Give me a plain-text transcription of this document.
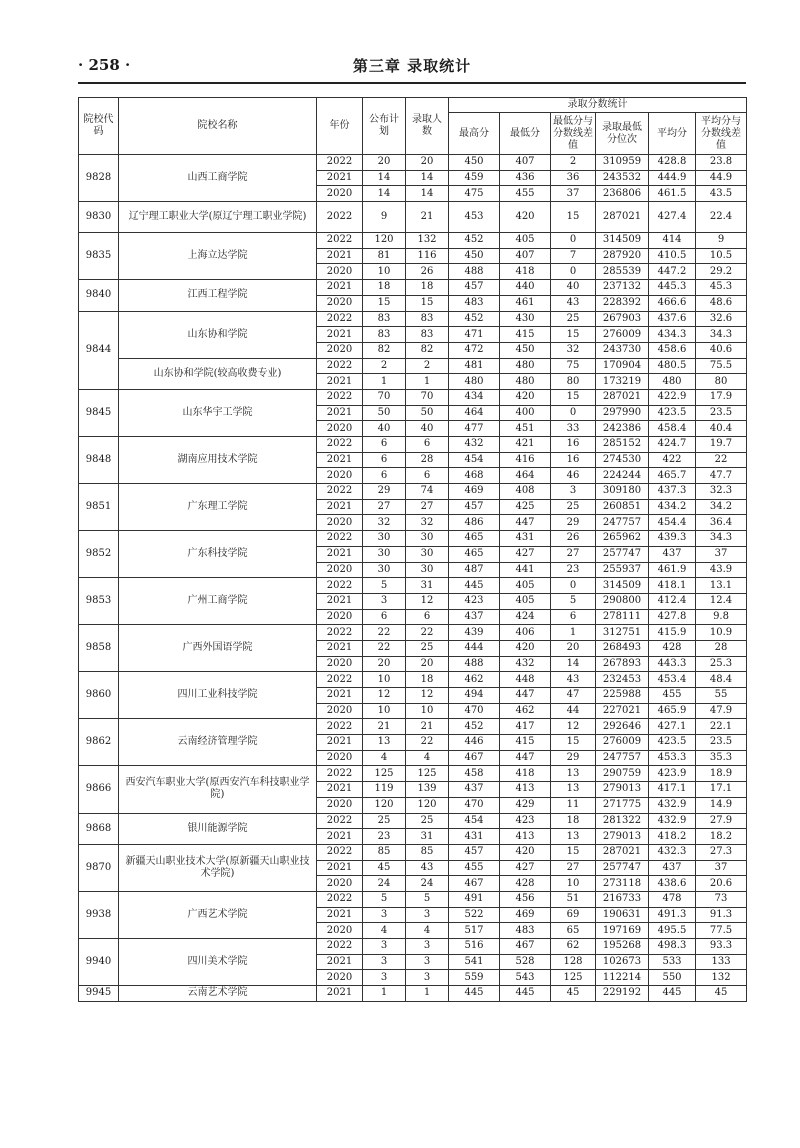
· 258 ·	第三章 录取统计
院校代码	院校名称	年份	公布计划	录取人数	录取分数统计					
					最高分	最低分	最低分与分数线差值	录取最低分位次	平均分	平均分与分数线差值
9828	山西工商学院	2022	20	20	450	407	2	310959	428.8	23.8
		2021	14	14	459	436	36	243532	444.9	44.9
		2020	14	14	475	455	37	236806	461.5	43.5
9830	辽宁理工职业大学(原辽宁理工职业学院)	2022	9	21	453	420	15	287021	427.4	22.4
9835	上海立达学院	2022	120	132	452	405	0	314509	414	9
		2021	81	116	450	407	7	287920	410.5	10.5
		2020	10	26	488	418	0	285539	447.2	29.2
9840	江西工程学院	2021	18	18	457	440	40	237132	445.3	45.3
		2020	15	15	483	461	43	228392	466.6	48.6
9844	山东协和学院	2022	83	83	452	430	25	267903	437.6	32.6
		2021	83	83	471	415	15	276009	434.3	34.3
		2020	82	82	472	450	32	243730	458.6	40.6
	山东协和学院(较高收费专业)	2022	2	2	481	480	75	170904	480.5	75.5
		2021	1	1	480	480	80	173219	480	80
9845	山东华宇工学院	2022	70	70	434	420	15	287021	422.9	17.9
		2021	50	50	464	400	0	297990	423.5	23.5
		2020	40	40	477	451	33	242386	458.4	40.4
9848	湖南应用技术学院	2022	6	6	432	421	16	285152	424.7	19.7
		2021	6	28	454	416	16	274530	422	22
		2020	6	6	468	464	46	224244	465.7	47.7
9851	广东理工学院	2022	29	74	469	408	3	309180	437.3	32.3
		2021	27	27	457	425	25	260851	434.2	34.2
		2020	32	32	486	447	29	247757	454.4	36.4
9852	广东科技学院	2022	30	30	465	431	26	265962	439.3	34.3
		2021	30	30	465	427	27	257747	437	37
		2020	30	30	487	441	23	255937	461.9	43.9
9853	广州工商学院	2022	5	31	445	405	0	314509	418.1	13.1
		2021	3	12	423	405	5	290800	412.4	12.4
		2020	6	6	437	424	6	278111	427.8	9.8
9858	广西外国语学院	2022	22	22	439	406	1	312751	415.9	10.9
		2021	22	25	444	420	20	268493	428	28
		2020	20	20	488	432	14	267893	443.3	25.3
9860	四川工业科技学院	2022	10	18	462	448	43	232453	453.4	48.4
		2021	12	12	494	447	47	225988	455	55
		2020	10	10	470	462	44	227021	465.9	47.9
9862	云南经济管理学院	2022	21	21	452	417	12	292646	427.1	22.1
		2021	13	22	446	415	15	276009	423.5	23.5
		2020	4	4	467	447	29	247757	453.3	35.3
9866	西安汽车职业大学(原西安汽车科技职业学院)	2022	125	125	458	418	13	290759	423.9	18.9
		2021	119	139	437	413	13	279013	417.1	17.1
		2020	120	120	470	429	11	271775	432.9	14.9
9868	银川能源学院	2022	25	25	454	423	18	281322	432.9	27.9
		2021	23	31	431	413	13	279013	418.2	18.2
9870	新疆天山职业技术大学(原新疆天山职业技术学院)	2022	85	85	457	420	15	287021	432.3	27.3
		2021	45	43	455	427	27	257747	437	37
		2020	24	24	467	428	10	273118	438.6	20.6
9938	广西艺术学院	2022	5	5	491	456	51	216733	478	73
		2021	3	3	522	469	69	190631	491.3	91.3
		2020	4	4	517	483	65	197169	495.5	77.5
9940	四川美术学院	2022	3	3	516	467	62	195268	498.3	93.3
		2021	3	3	541	528	128	102673	533	133
		2020	3	3	559	543	125	112214	550	132
9945	云南艺术学院	2021	1	1	445	445	45	229192	445	45
